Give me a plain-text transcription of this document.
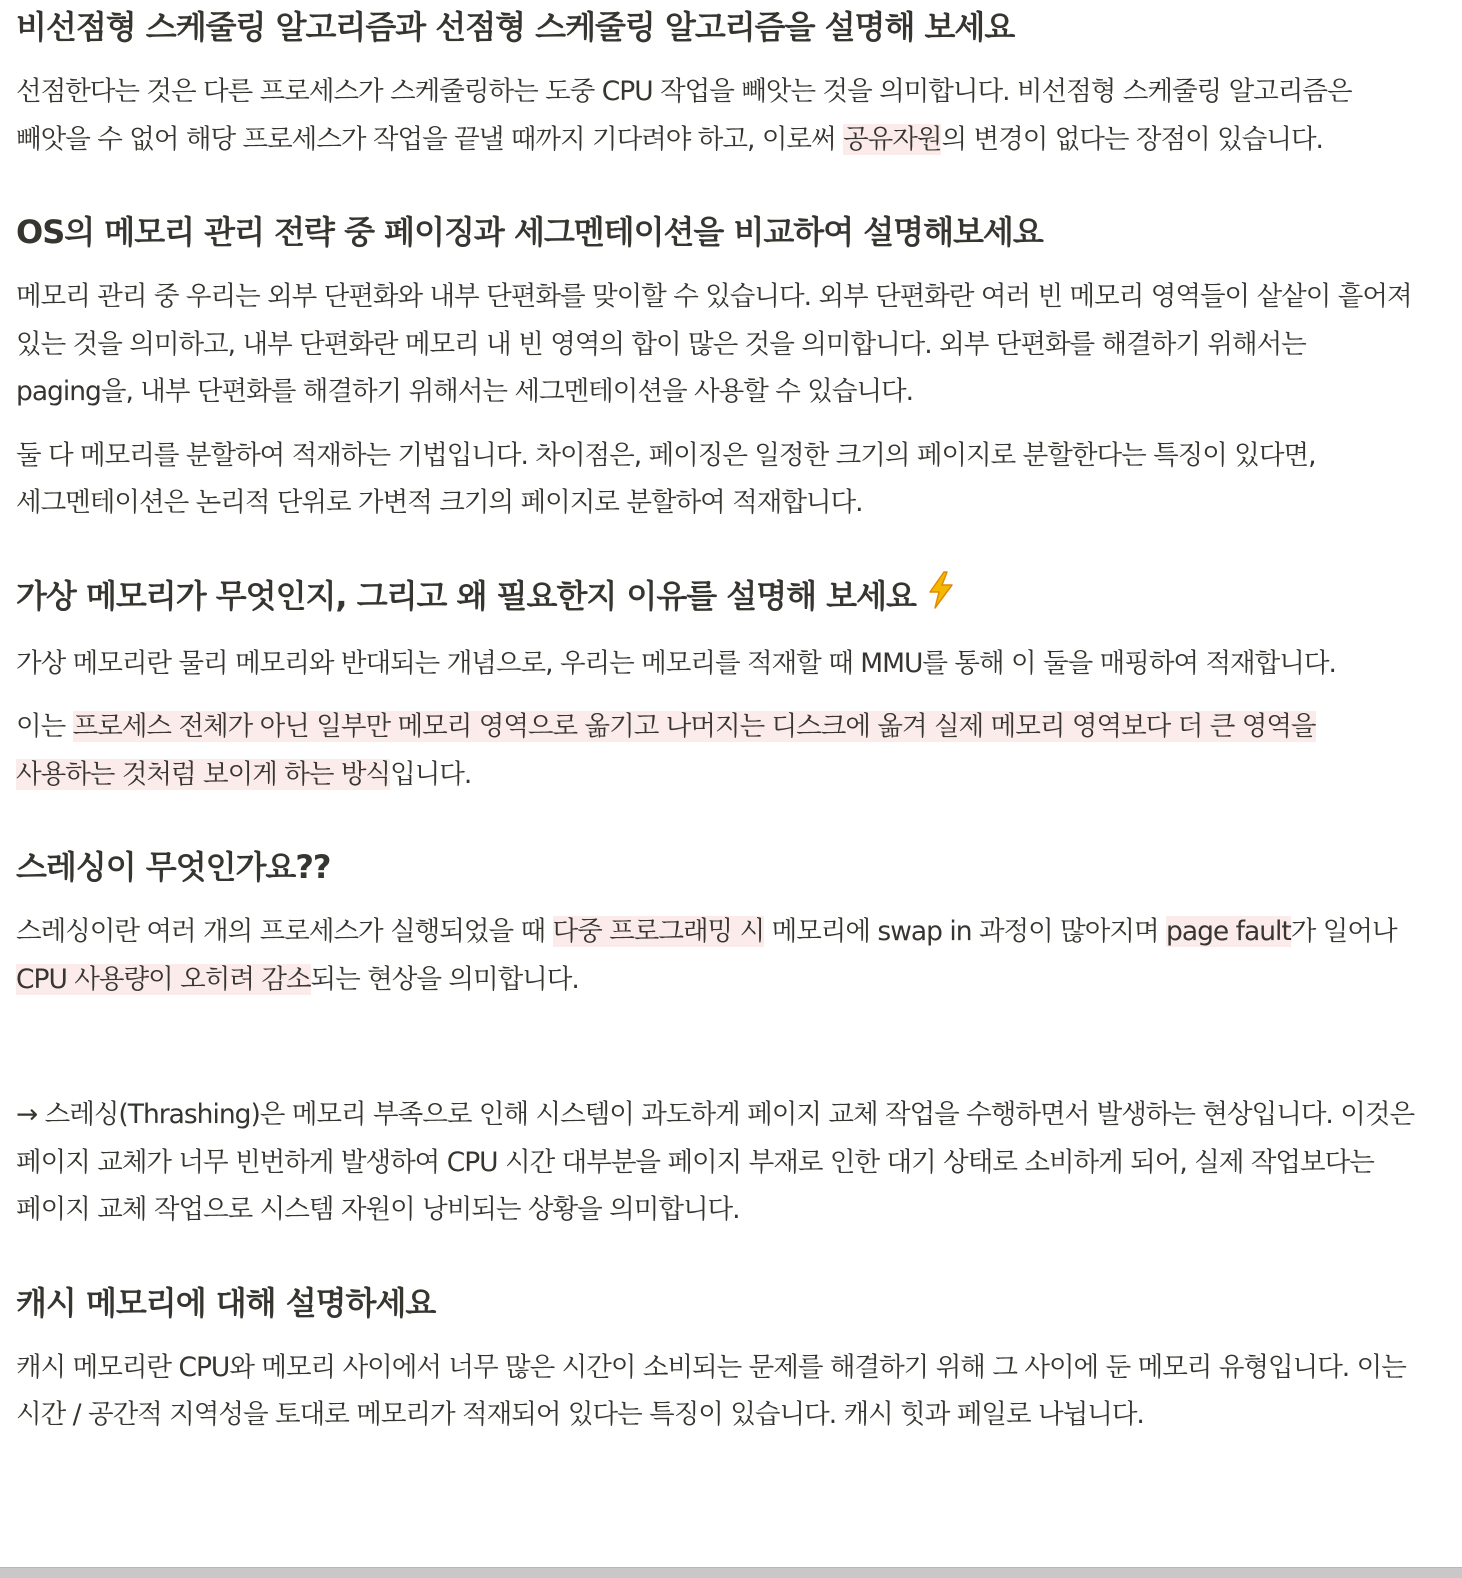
비선점형 스케줄링 알고리즘과 선점형 스케줄링 알고리즘을 설명해 보세요

선점한다는 것은 다른 프로세스가 스케줄링하는 도중 CPU 작업을 빼앗는 것을 의미합니다. 비선점형 스케줄링 알고리즘은 빼앗을 수 없어 해당 프로세스가 작업을 끝낼 때까지 기다려야 하고, 이로써 공유자원의 변경이 없다는 장점이 있습니다.

OS의 메모리 관리 전략 중 페이징과 세그멘테이션을 비교하여 설명해보세요

메모리 관리 중 우리는 외부 단편화와 내부 단편화를 맞이할 수 있습니다. 외부 단편화란 여러 빈 메모리 영역들이 샅샅이 흩어져 있는 것을 의미하고, 내부 단편화란 메모리 내 빈 영역의 합이 많은 것을 의미합니다. 외부 단편화를 해결하기 위해서는 paging을, 내부 단편화를 해결하기 위해서는 세그멘테이션을 사용할 수 있습니다.

둘 다 메모리를 분할하여 적재하는 기법입니다. 차이점은, 페이징은 일정한 크기의 페이지로 분할한다는 특징이 있다면, 세그멘테이션은 논리적 단위로 가변적 크기의 페이지로 분할하여 적재합니다.

가상 메모리가 무엇인지, 그리고 왜 필요한지 이유를 설명해 보세요

가상 메모리란 물리 메모리와 반대되는 개념으로, 우리는 메모리를 적재할 때 MMU를 통해 이 둘을 매핑하여 적재합니다.

이는 프로세스 전체가 아닌 일부만 메모리 영역으로 옮기고 나머지는 디스크에 옮겨 실제 메모리 영역보다 더 큰 영역을 사용하는 것처럼 보이게 하는 방식입니다.

스레싱이 무엇인가요??

스레싱이란 여러 개의 프로세스가 실행되었을 때 다중 프로그래밍 시 메모리에 swap in 과정이 많아지며 page fault가 일어나 CPU 사용량이 오히려 감소되는 현상을 의미합니다.

→ 스레싱(Thrashing)은 메모리 부족으로 인해 시스템이 과도하게 페이지 교체 작업을 수행하면서 발생하는 현상입니다. 이것은 페이지 교체가 너무 빈번하게 발생하여 CPU 시간 대부분을 페이지 부재로 인한 대기 상태로 소비하게 되어, 실제 작업보다는 페이지 교체 작업으로 시스템 자원이 낭비되는 상황을 의미합니다.

캐시 메모리에 대해 설명하세요

캐시 메모리란 CPU와 메모리 사이에서 너무 많은 시간이 소비되는 문제를 해결하기 위해 그 사이에 둔 메모리 유형입니다. 이는 시간 / 공간적 지역성을 토대로 메모리가 적재되어 있다는 특징이 있습니다. 캐시 힛과 페일로 나뉩니다.
